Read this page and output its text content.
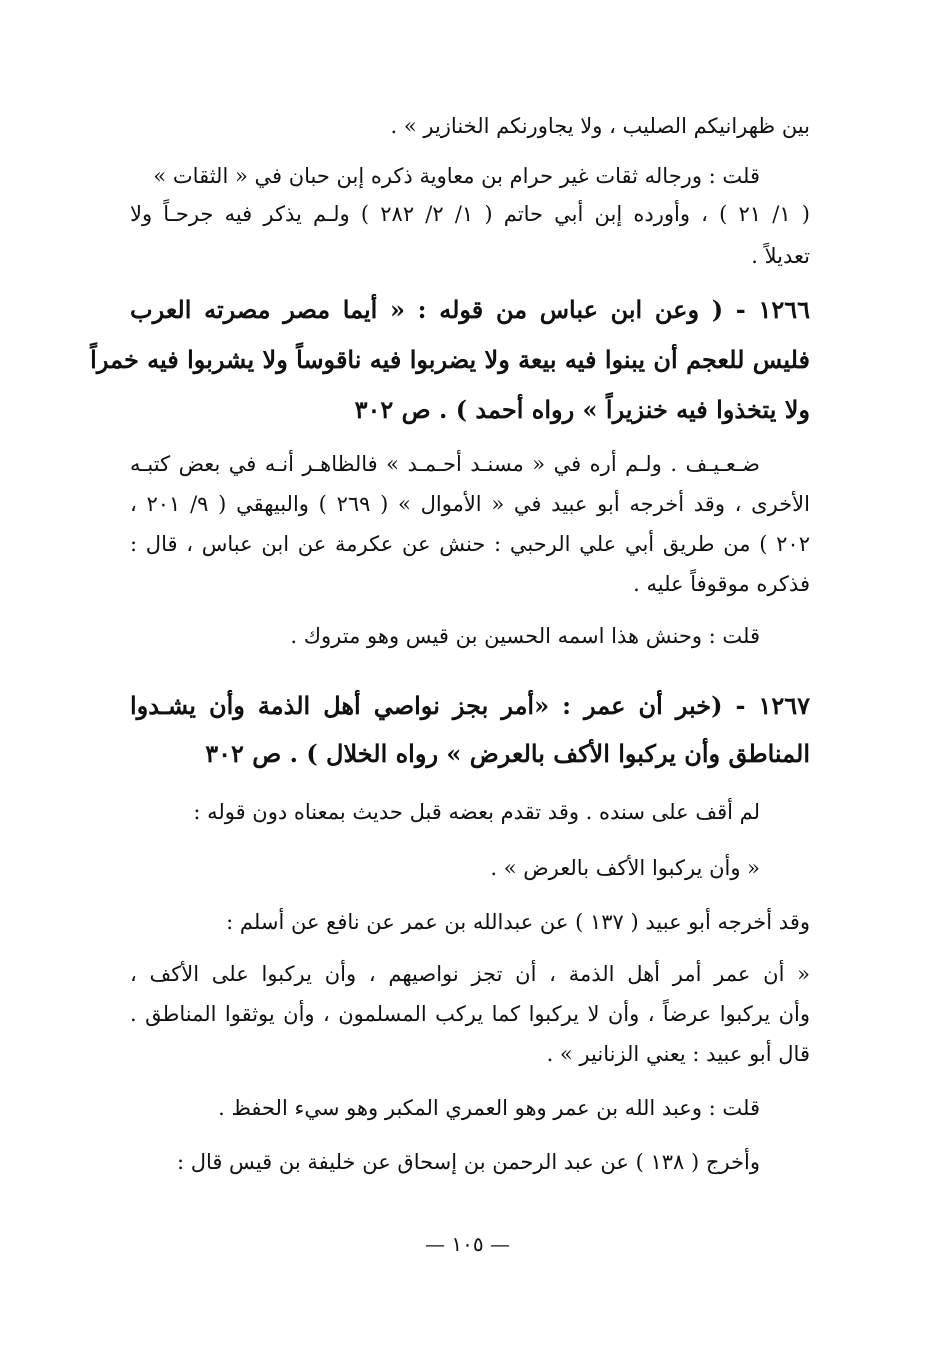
بين ظهرانيكم الصليب ، ولا يجاورنكم الخنازير » .
قلت : ورجاله ثقات غير حرام بن معاوية ذكره إبن حبان في « الثقات »
( ١/ ٢١ ) ، وأورده إبن أبي حاتم ( ١/ ٢/ ٢٨٢ ) ولـم يذكر فيه جرحـاً ولا
تعديلاً .
١٢٦٦ - ( وعن ابن عباس من قوله : « أيما مصر مصرته العرب
فليس للعجم أن يبنوا فيه بيعة ولا يضربوا فيه ناقوساً ولا يشربوا فيه خمراً
ولا يتخذوا فيه خنزيراً » رواه أحمد ) . ص ٣٠٢
ضـعـيـف . ولـم أره في « مسنـد أحـمـد » فالظاهـر أنـه في بعض كتبـه
الأخرى ، وقد أخرجه أبو عبيد في « الأموال » ( ٢٦٩ ) والبيهقي ( ٩/ ٢٠١ ،
٢٠٢ ) من طريق أبي علي الرحبي : حنش عن عكرمة عن ابن عباس ، قال :
فذكره موقوفاً عليه .
قلت : وحنش هذا اسمه الحسين بن قيس وهو متروك .
١٢٦٧ - (خبر أن عمر : «أمر بجز نواصي أهل الذمة وأن يشـدوا
المناطق وأن يركبوا الأكف بالعرض » رواه الخلال ) . ص ٣٠٢
لم أقف على سنده . وقد تقدم بعضه قبل حديث بمعناه دون قوله :
« وأن يركبوا الأكف بالعرض » .
وقد أخرجه أبو عبيد ( ١٣٧ ) عن عبدالله بن عمر عن نافع عن أسلم :
« أن عمر أمر أهل الذمة ، أن تجز نواصيهم ، وأن يركبوا على الأكف ،
وأن يركبوا عرضاً ، وأن لا يركبوا كما يركب المسلمون ، وأن يوثقوا المناطق .
قال أبو عبيد : يعني الزنانير » .
قلت : وعبد الله بن عمر وهو العمري المكبر وهو سيء الحفظ .
وأخرج ( ١٣٨ ) عن عبد الرحمن بن إسحاق عن خليفة بن قيس قال :
— ١٠٥ —
